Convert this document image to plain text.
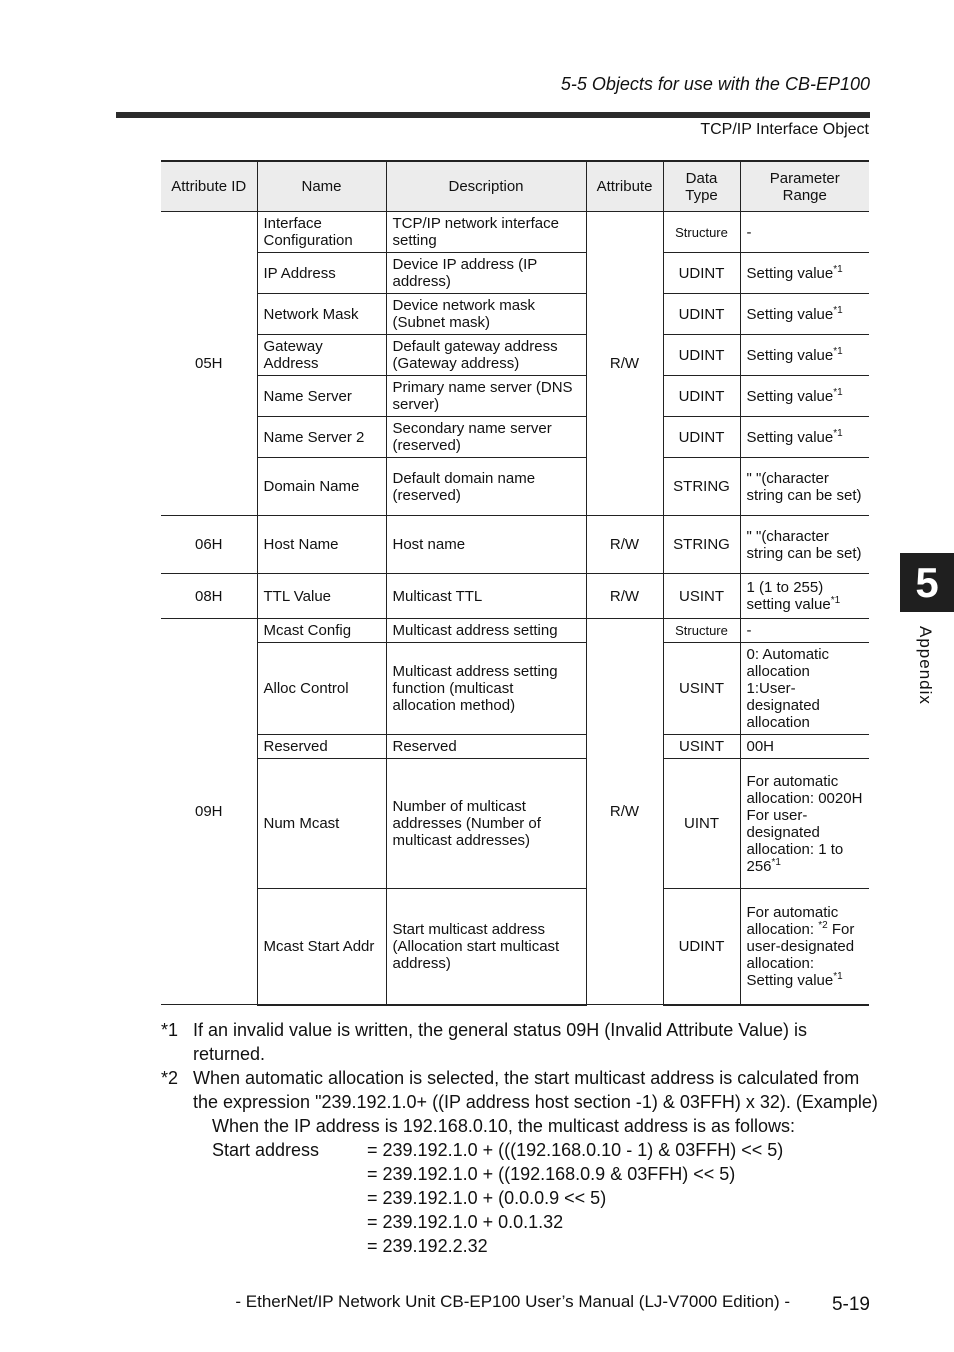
5-5 Objects for use with the CB-EP100
TCP/IP Interface Object
Attribute ID	Name	Description	Attribute	Data Type	Parameter Range

05H	Interface Configuration	TCP/IP network interface setting	R/W	Structure	-
	IP Address	Device IP address (IP address)		UDINT	Setting value$^{*1}$
	Network Mask	Device network mask (Subnet mask)		UDINT	Setting value$^{*1}$
	Gateway Address	Default gateway address (Gateway address)		UDINT	Setting value$^{*1}$
	Name Server	Primary name server (DNS server)		UDINT	Setting value$^{*1}$
	Name Server 2	Secondary name server (reserved)		UDINT	Setting value$^{*1}$
	Domain Name	Default domain name (reserved)		STRING	" "(character string can be set)
06H	Host Name	Host name	R/W	STRING	" "(character string can be set)
08H	TTL Value	Multicast TTL	R/W	USINT	1 (1 to 255)
setting value$^{*1}$
09H	Mcast Config	Multicast address setting	R/W	Structure	-
	Alloc Control	Multicast address setting function (multicast allocation method)		USINT	0: Automatic allocation 1:User-designated allocation
	Reserved	Reserved		USINT	00H
	Num Mcast	Number of multicast addresses (Number of multicast addresses)		UINT	For automatic allocation: 0020H For user-designated allocation: 1 to 256$^{*1}$
	Mcast Start Addr	Start multicast address (Allocation start multicast address)		UDINT	For automatic allocation: $^{*2}$ For user-designated allocation: Setting value$^{*1}$
*1 If an invalid value is written, the general status 09H (Invalid Attribute Value) is returned.
*2 When automatic allocation is selected, the start multicast address is calculated from the expression "239.192.1.0+ ((IP address host section -1) & 03FFH) x 32). (Example)
When the IP address is 192.168.0.10, the multicast address is as follows:
Start address	= 239.192.1.0 + (((192.168.0.10 - 1) & 03FFH) << 5)
= 239.192.1.0 + ((192.168.0.9 & 03FFH) << 5)
= 239.192.1.0 + (0.0.0.9 << 5)
= 239.192.1.0 + 0.0.1.32
= 239.192.2.32
- EtherNet/IP Network Unit CB-EP100 User’s Manual (LJ-V7000 Edition) -	5-19
5
Appendix
